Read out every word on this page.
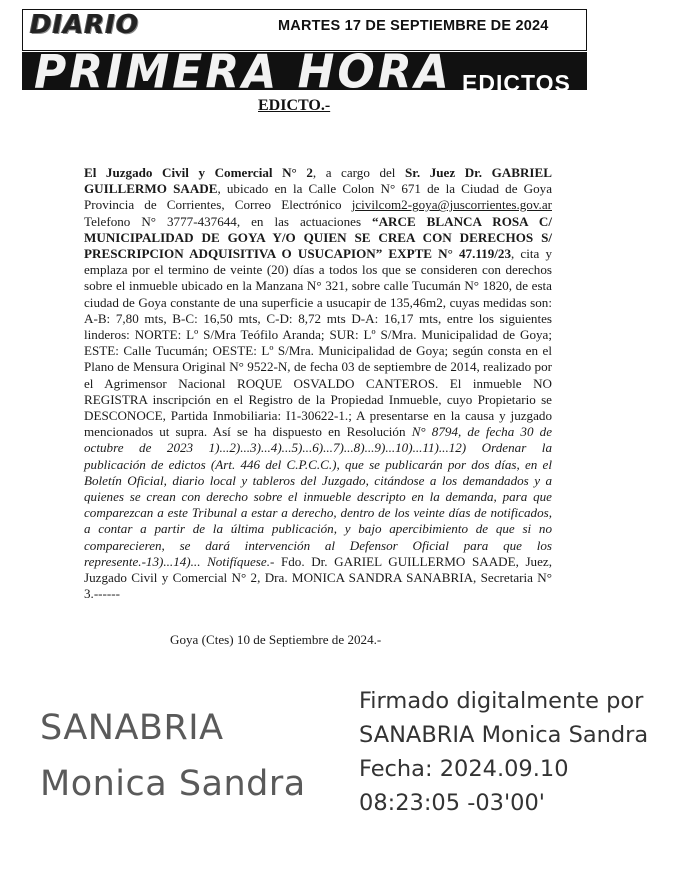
DIARIO	MARTES 17 DE SEPTIEMBRE DE 2024
PRIMERA HORA EDICTOS
EDICTO.-

El Juzgado Civil y Comercial N° 2, a cargo del Sr. Juez Dr. GABRIEL GUILLERMO SAADE, ubicado en la Calle Colon N° 671 de la Ciudad de Goya Provincia de Corrientes, Correo Electrónico jcivilcom2-goya@juscorrientes.gov.ar Telefono N° 3777-437644, en las actuaciones “ARCE BLANCA ROSA C/ MUNICIPALIDAD DE GOYA Y/O QUIEN SE CREA CON DERECHOS S/ PRESCRIPCION ADQUISITIVA O USUCAPION” EXPTE N° 47.119/23, cita y emplaza por el termino de veinte (20) días a todos los que se consideren con derechos sobre el inmueble ubicado en la Manzana N° 321, sobre calle Tucumán N° 1820, de esta ciudad de Goya constante de una superficie a usucapir de 135,46m2, cuyas medidas son: A-B: 7,80 mts, B-C: 16,50 mts, C-D: 8,72 mts D-A: 16,17 mts, entre los siguientes linderos: NORTE: Lº S/Mra Teófilo Aranda; SUR: Lº S/Mra. Municipalidad de Goya; ESTE: Calle Tucumán; OESTE: Lº S/Mra. Municipalidad de Goya; según consta en el Plano de Mensura Original N° 9522-N, de fecha 03 de septiembre de 2014, realizado por el Agrimensor Nacional ROQUE OSVALDO CANTEROS. El inmueble NO REGISTRA inscripción en el Registro de la Propiedad Inmueble, cuyo Propietario se DESCONOCE, Partida Inmobiliaria: I1-30622-1.; A presentarse en la causa y juzgado mencionados ut supra. Así se ha dispuesto en Resolución N° 8794, de fecha 30 de octubre de 2023 1)...2)...3)...4)...5)...6)...7)...8)...9)...10)...11)...12) Ordenar la publicación de edictos (Art. 446 del C.P.C.C.), que se publicarán por dos días, en el Boletín Oficial, diario local y tableros del Juzgado, citándose a los demandados y a quienes se crean con derecho sobre el inmueble descripto en la demanda, para que comparezcan a este Tribunal a estar a derecho, dentro de los veinte días de notificados, a contar a partir de la última publicación, y bajo apercibimiento de que si no comparecieren, se dará intervención al Defensor Oficial para que los represente.-13)...14)... Notifíquese.- Fdo. Dr. GARIEL GUILLERMO SAADE, Juez, Juzgado Civil y Comercial N° 2, Dra. MONICA SANDRA SANABRIA, Secretaria N° 3.------

Goya (Ctes) 10 de Septiembre de 2024.-
SANABRIA
Monica Sandra
Firmado digitalmente por
SANABRIA Monica Sandra
Fecha: 2024.09.10
08:23:05 -03'00'
